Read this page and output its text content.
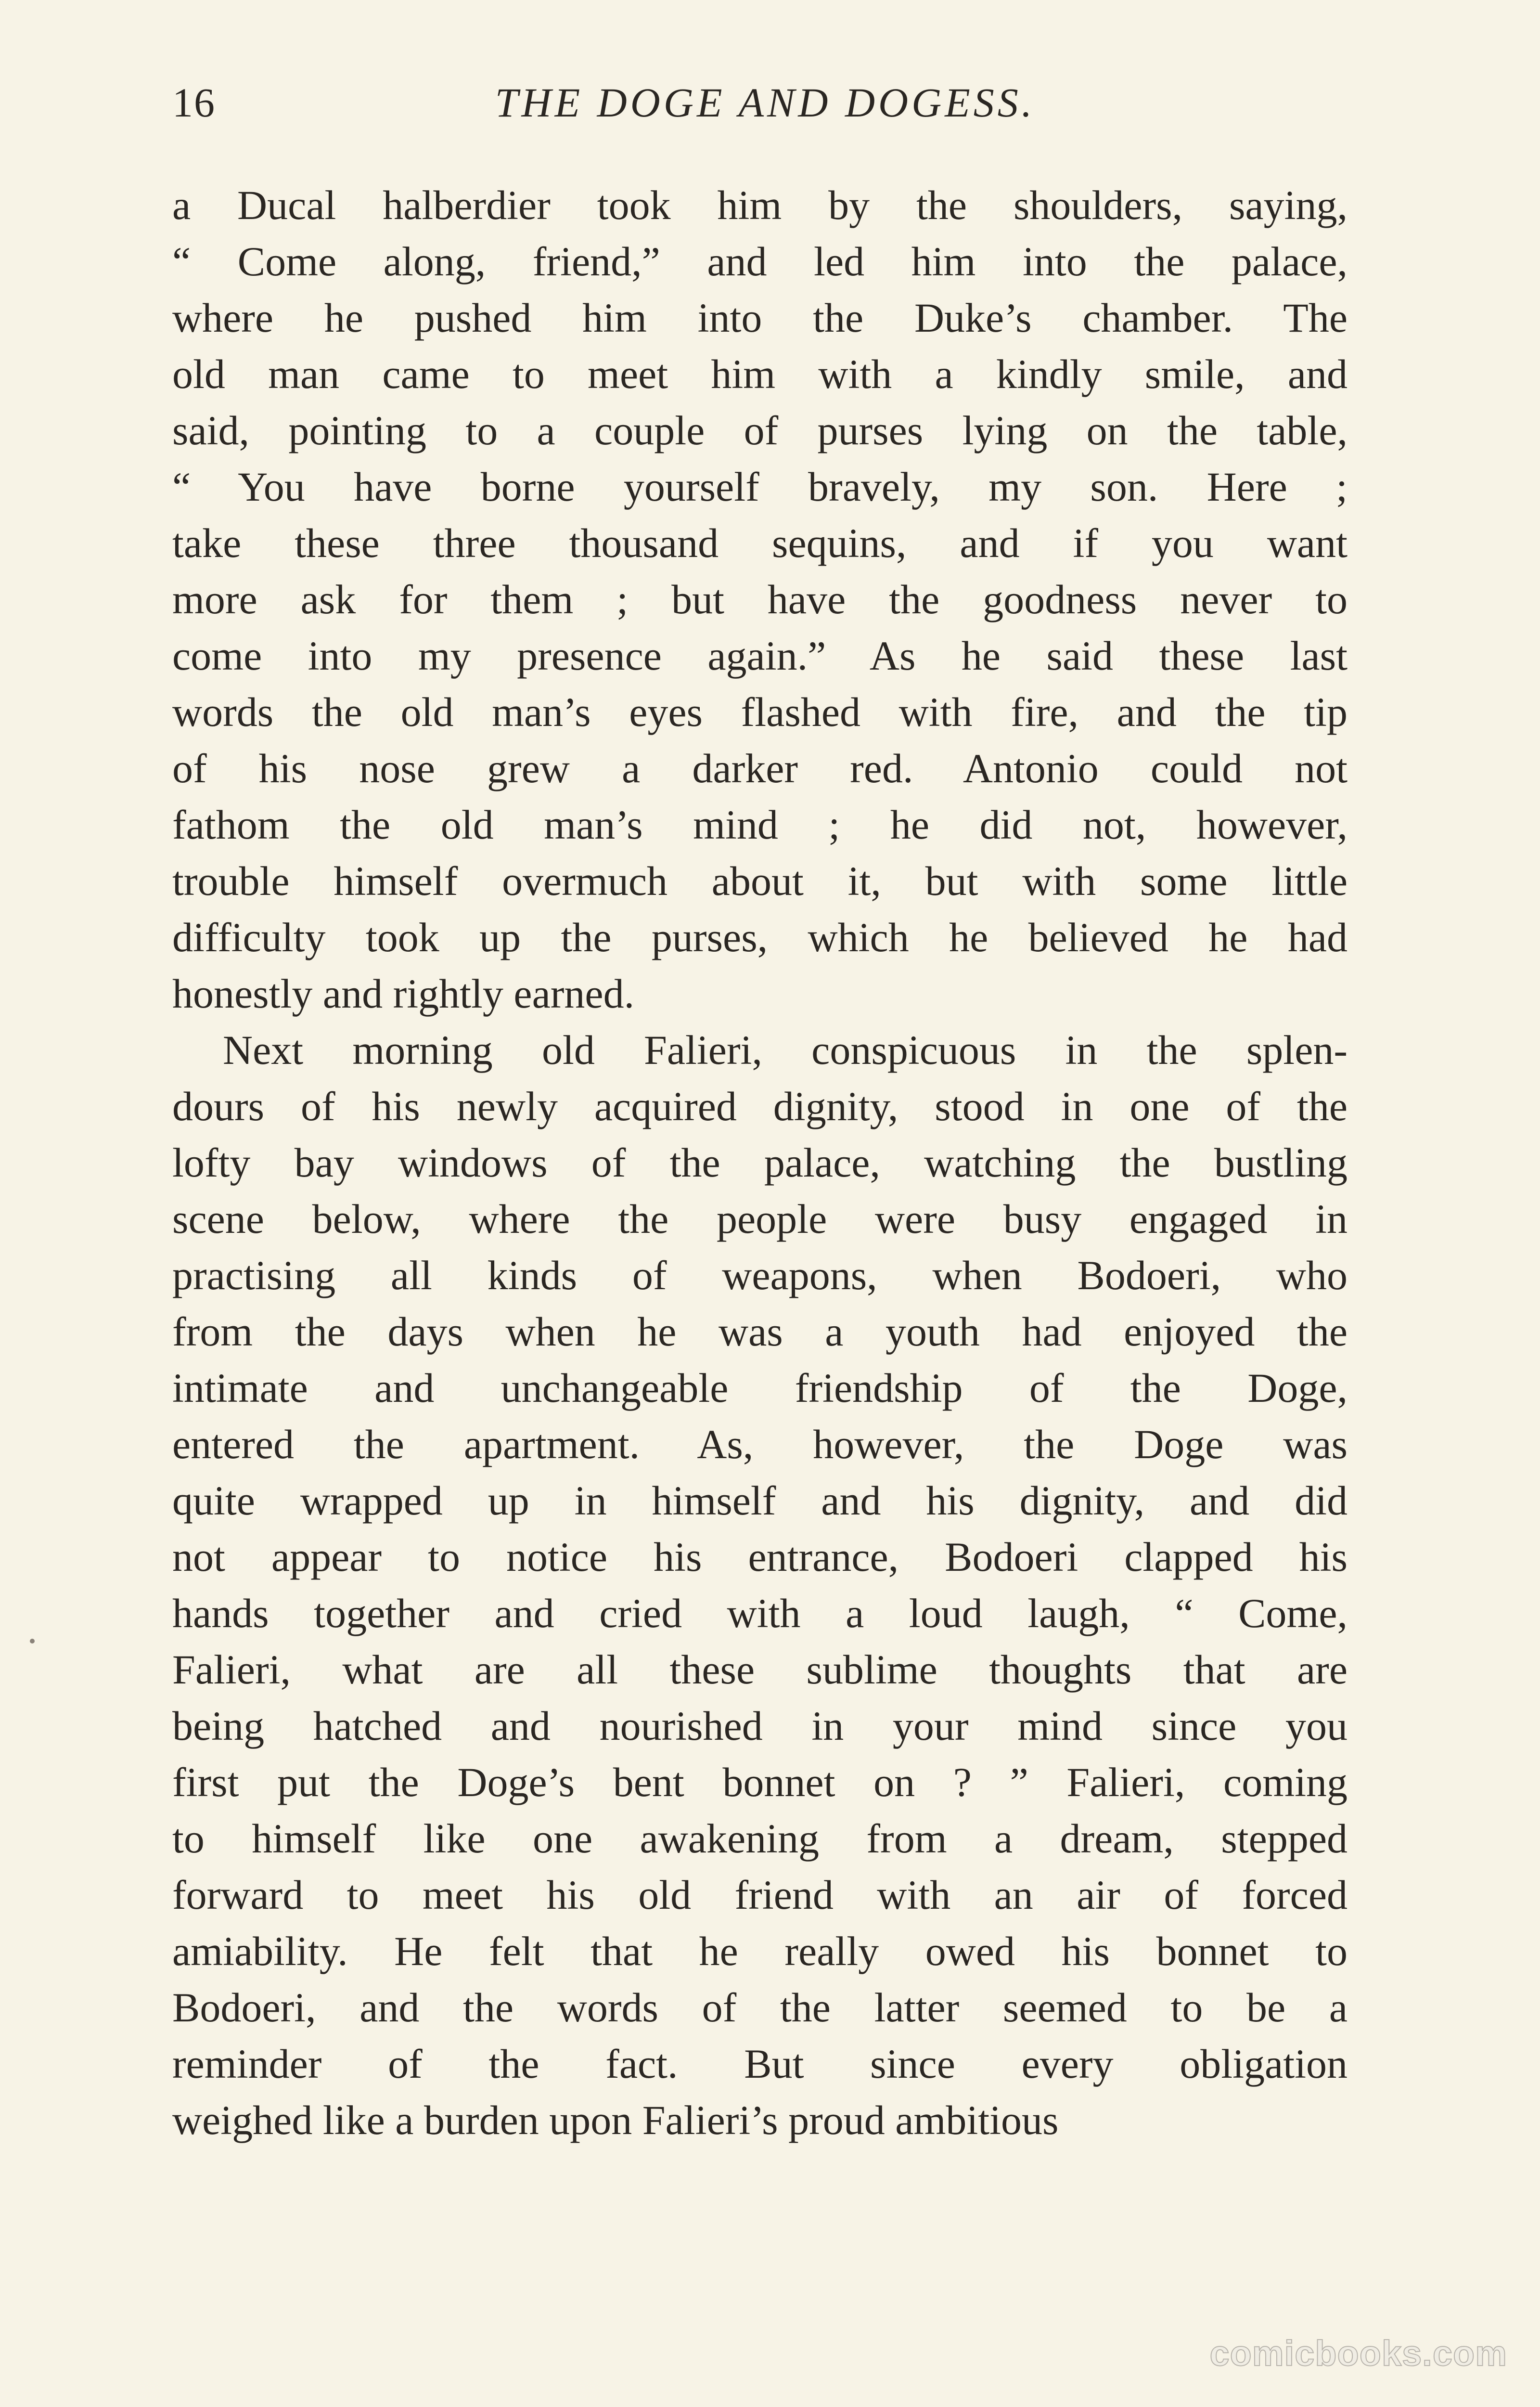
16	THE DOGE AND DOGESS.
a Ducal halberdier took him by the shoulders, saying,
“ Come along, friend,” and led him into the palace,
where he pushed him into the Duke’s chamber. The
old man came to meet him with a kindly smile, and
said, pointing to a couple of purses lying on the table,
“ You have borne yourself bravely, my son. Here ;
take these three thousand sequins, and if you want
more ask for them ; but have the goodness never to
come into my presence again.” As he said these last
words the old man’s eyes flashed with fire, and the tip
of his nose grew a darker red. Antonio could not
fathom the old man’s mind ; he did not, however,
trouble himself overmuch about it, but with some little
difficulty took up the purses, which he believed he had
honestly and rightly earned.
Next morning old Falieri, conspicuous in the splen-
dours of his newly acquired dignity, stood in one of the
lofty bay windows of the palace, watching the bustling
scene below, where the people were busy engaged in
practising all kinds of weapons, when Bodoeri, who
from the days when he was a youth had enjoyed the
intimate and unchangeable friendship of the Doge,
entered the apartment. As, however, the Doge was
quite wrapped up in himself and his dignity, and did
not appear to notice his entrance, Bodoeri clapped his
hands together and cried with a loud laugh, “ Come,
Falieri, what are all these sublime thoughts that are
being hatched and nourished in your mind since you
first put the Doge’s bent bonnet on ? ” Falieri, coming
to himself like one awakening from a dream, stepped
forward to meet his old friend with an air of forced
amiability. He felt that he really owed his bonnet to
Bodoeri, and the words of the latter seemed to be a
reminder of the fact. But since every obligation
weighed like a burden upon Falieri’s proud ambitious
comicbooks.com
